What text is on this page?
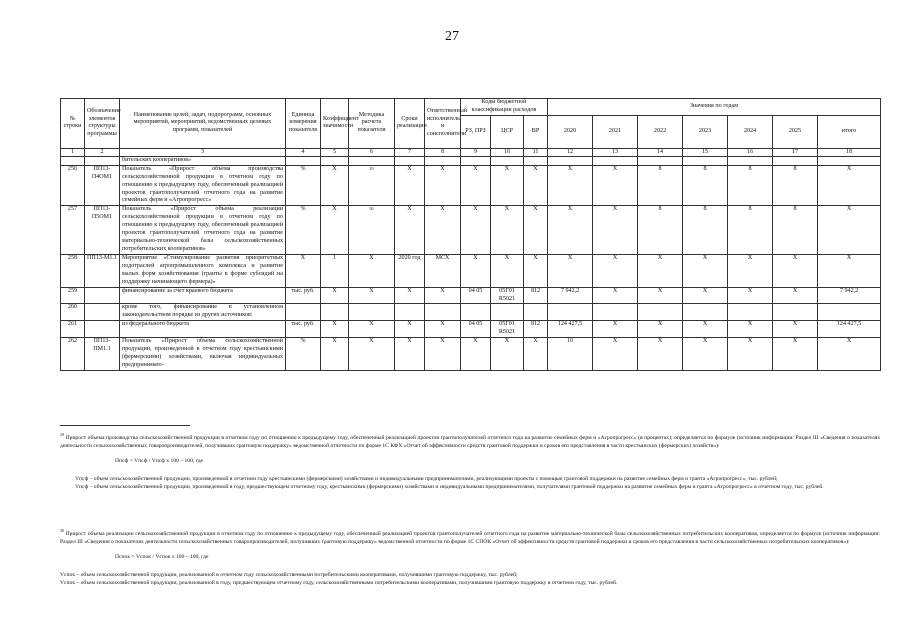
27
№ строки	Обозначение элементов структуры программы	Наименование целей, задач, подпрограмм, основных мероприятий, мероприятий, ведомственных целевых программ, показателей	Единица измерения показателя	Коэффициент значимости	Методика расчета показателя	Сроки реализации	Ответственный исполнитель и соисполнители	Коды бюджетной классификации расходов			Значения по годам						
								РЗ, ПРЗ	ЦСР	ВР	2020	2021	2022	2023	2024	2025	итого
1	2	3	4	5	6	7	8	9	10	11	12	13	14	15	16	17	18
		бительских кооперативов»															
256	ПП13-П4ОМ1	Показатель «Прирост объема производства сельскохозяйственной продукции в отчетном году по отношению к предыдущему году, обеспеченный реализацией проектов грантополучателей отчетного года на развитие семейных ферм и «Агропрогресс»	%	Х	$^{29}$	Х	Х	Х	Х	Х	Х	Х	8	8	8	8	Х
257	ПП13-П5ОМ1	Показатель «Прирост объема реализации сельскохозяйственной продукции в отчетном году по отношению к предыдущему году, обеспеченный реализацией проектов грантополучателей отчетного года на развитие материально-технической базы сельскохозяйственных потребительских кооперативов»	%	Х	$^{30}$	Х	Х	Х	Х	Х	Х	Х	8	8	8	8	Х
258	ПП13-М1.1	Мероприятие «Стимулирование развития приоритетных подотраслей агропромышленного комплекса и развитие малых форм хозяйствования (гранты в форме субсидий на поддержку начинающего фермера)»	Х	1	Х	2020 год	МСХ	Х	Х	Х	Х	Х	Х	Х	Х	Х	Х
259		финансирование за счет краевого бюджета	тыс. руб.	Х	Х	Х	Х	04 05	05Г01 R5021	812	7 942,2	Х	Х	Х	Х	Х	7 942,2
260		кроме того, финансирование в установленном законодательством порядке из других источников:															
261		из федерального бюджета	тыс. руб.	Х	Х	Х	Х	04 05	05Г01 R5021	812	124 427,5	Х	Х	Х	Х	Х	124 427,5
262	ПП13-ПМ1.1	Показатель «Прирост объема сельскохозяйственной продукции, произведенной в отчетном году крестьянскими (фермерскими) хозяйствами, включая индивидуальных предпринимате-	%	Х	Х	Х	Х	Х	Х	Х	10	Х	Х	Х	Х	Х	Х

$^{29}$ Прирост объема производства сельскохозяйственной продукции в отчетном году по отношению к предыдущему году, обеспеченный реализацией проектов грантополучателей отчетного года на развитие семейных ферм и «Агропрогресс» (в процентах); определяется по формуле (источник информации: Раздел III «Сведения о показателях деятельности сельскохозяйственных товаропроизводителей, получивших грантовую поддержку» ведомственной отчетности по форме 1С КФХ «Отчет об эффективности средств грантовой поддержки и сроков его представления в части крестьянских (фермерских) хозяйств»):

Ппсф = Vпсф / Vпсф x 100 – 100, где

Vпсф – объем сельскохозяйственной продукции, произведенной в отчетном году крестьянскими (фермерскими) хозяйствами и индивидуальными предпринимателями, реализующими проекты с помощью грантовой поддержки на развитие семейных ферм и гранта «Агропрогресс», тыс. рублей;

Vпсф – объем сельскохозяйственной продукции, произведенной в году, предшествующем отчетному году, крестьянскими (фермерскими) хозяйствами и индивидуальными предпринимателями, получателями грантовой поддержки на развитие семейных ферм и гранта «Агропрогресс» в отчетном году, тыс. рублей.

$^{30}$ Прирост объема реализации сельскохозяйственной продукции в отчетном году по отношению к предыдущему году, обеспеченный реализацией проектов грантополучателей отчетного года на развитие материально-технической базы сельскохозяйственных потребительских кооперативов, определяется по формуле (источник информации: Раздел III «Сведения о показателях деятельности сельскохозяйственных товаропроизводителей, получивших грантовую поддержку» ведомственной отчетности по форме 1С СПОК «Отчет об эффективности средств грантовой поддержки и сроков его представления в части сельскохозяйственных потребительских кооперативов»):

Пспок = Vспок / Vспок x 100 – 100, где

Vспок – объем сельскохозяйственной продукции, реализованной в отчетном году сельскохозяйственными потребительскими кооперативами, получившими грантовую поддержку, тыс. рублей;

Vспок – объем сельскохозяйственной продукции, реализованной в году, предшествующем отчетному году, сельскохозяйственными потребительскими кооперативами, получившими грантовую поддержку в отчетном году, тыс. рублей.
